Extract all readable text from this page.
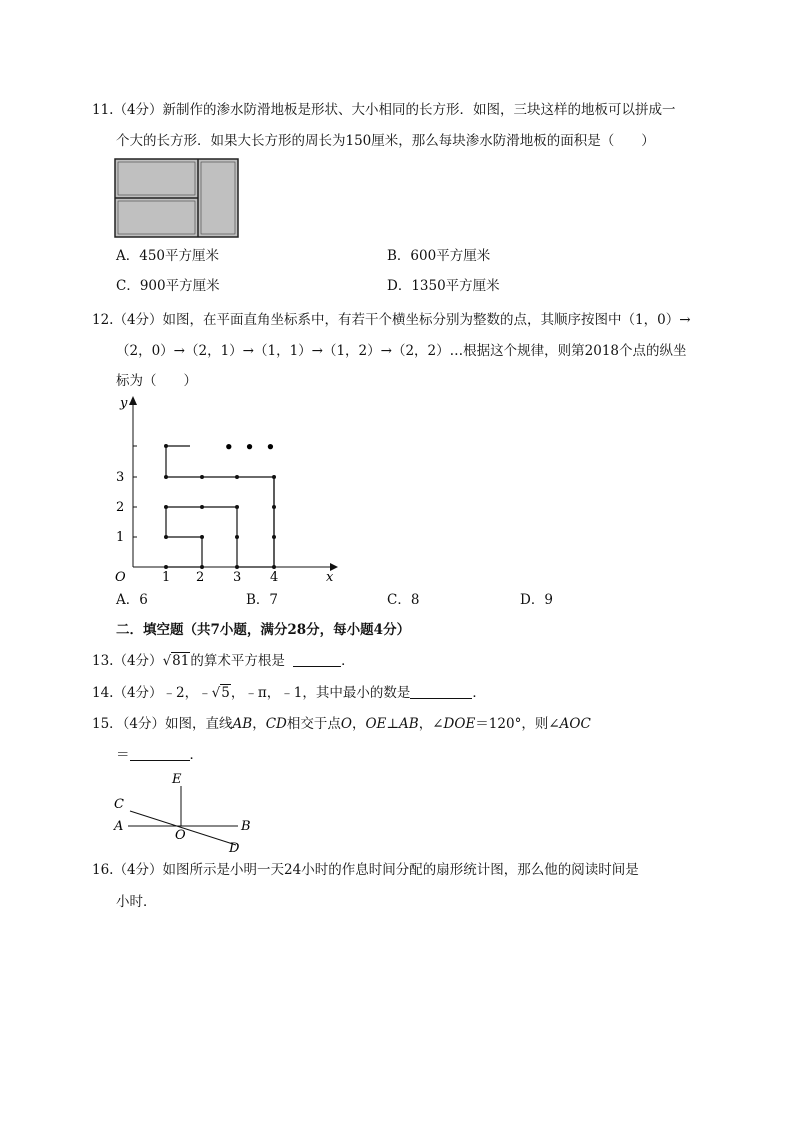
11.（4分）新制作的渗水防滑地板是形状、大小相同的长方形．如图，三块这样的地板可以拼成一
个大的长方形．如果大长方形的周长为150厘米，那么每块渗水防滑地板的面积是（　　）
A．450平方厘米	B．600平方厘米
C．900平方厘米	D．1350平方厘米
12.（4分）如图，在平面直角坐标系中，有若干个横坐标分别为整数的点，其顺序按图中（1，0）→
（2，0）→（2，1）→（1，1）→（1，2）→（2，2）…根据这个规律，则第2018个点的纵坐
标为（　　）
y
x
O	1 2 3 4
1
2
3
• • •
A．6	B．7	C．8	D．9
二．填空题（共7小题，满分28分，每小题4分）
13.（4分）√81的算术平方根是	．
14.（4分）﹣2，﹣√5，﹣π，﹣1，其中最小的数是	．
15．（4分）如图，直线AB，CD相交于点O，OE⊥AB，∠DOE＝120°，则∠AOC
＝	．
E
C
A
O
B
D
16.（4分）如图所示是小明一天24小时的作息时间分配的扇形统计图，那么他的阅读时间是
小时．
